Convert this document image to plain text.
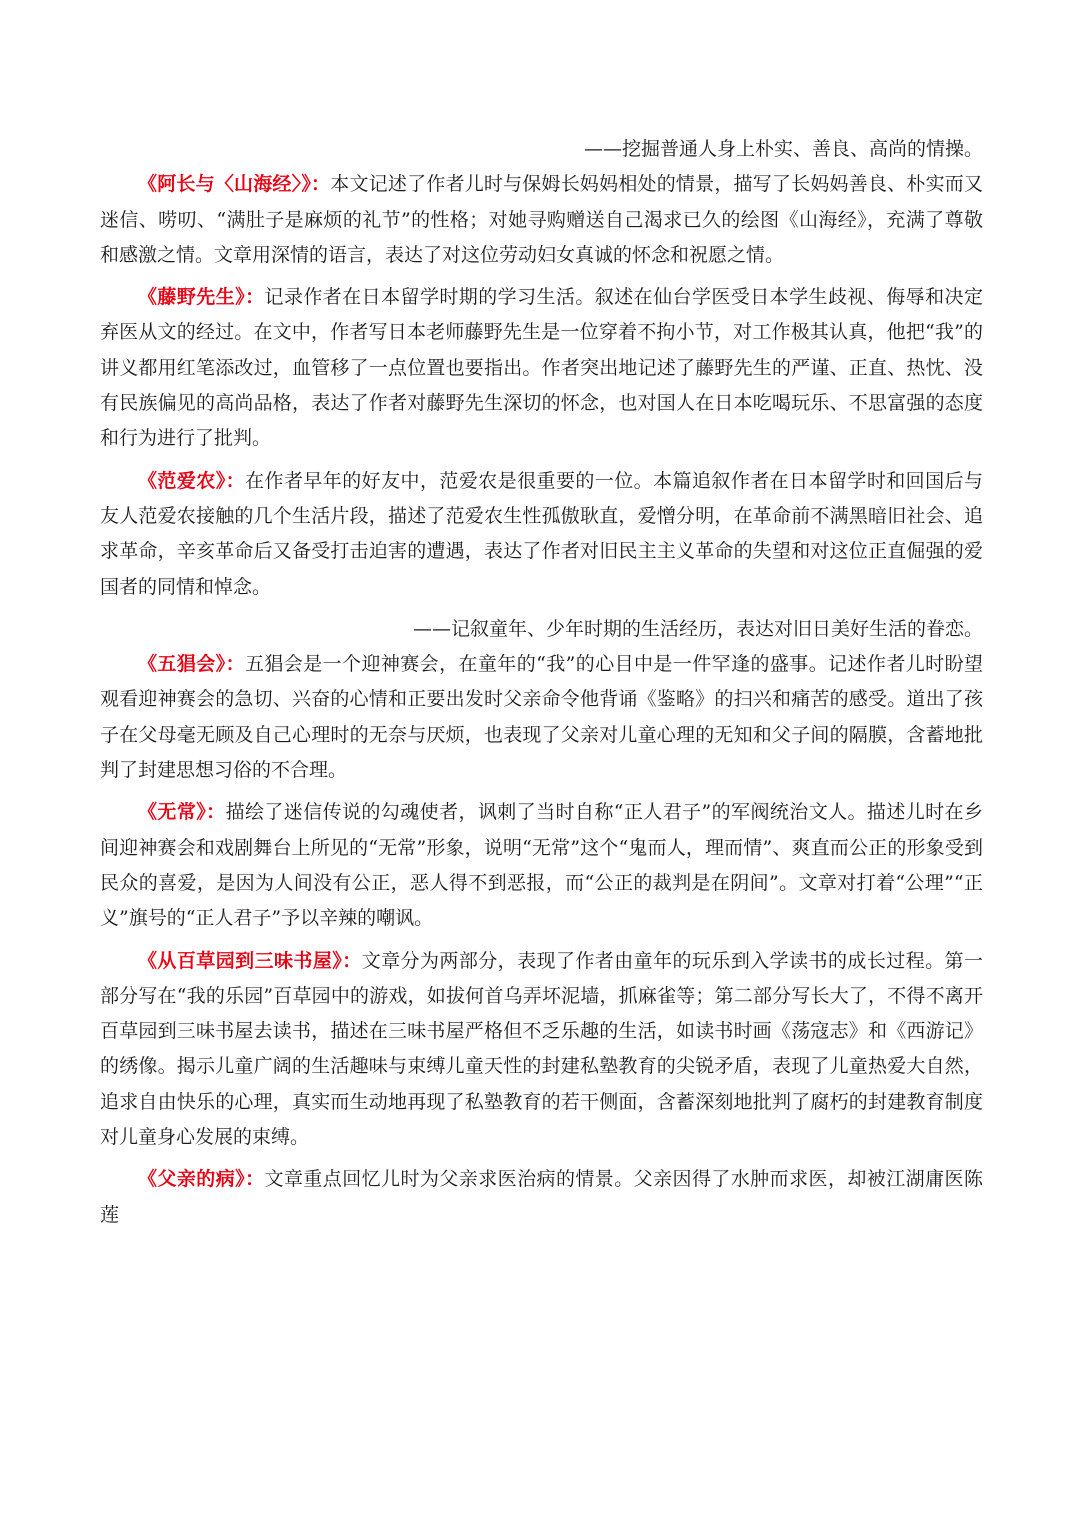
——挖掘普通人身上朴实、善良、高尚的情操。

《阿长与〈山海经〉》：本文记述了作者儿时与保姆长妈妈相处的情景，描写了长妈妈善良、朴实而又迷信、唠叨、“满肚子是麻烦的礼节”的性格；对她寻购赠送自己渴求已久的绘图《山海经》，充满了尊敬和感激之情。文章用深情的语言，表达了对这位劳动妇女真诚的怀念和祝愿之情。

《藤野先生》：记录作者在日本留学时期的学习生活。叙述在仙台学医受日本学生歧视、侮辱和决定弃医从文的经过。在文中，作者写日本老师藤野先生是一位穿着不拘小节，对工作极其认真，他把“我”的讲义都用红笔添改过，血管移了一点位置也要指出。作者突出地记述了藤野先生的严谨、正直、热忱、没有民族偏见的高尚品格，表达了作者对藤野先生深切的怀念，也对国人在日本吃喝玩乐、不思富强的态度和行为进行了批判。

《范爱农》：在作者早年的好友中，范爱农是很重要的一位。本篇追叙作者在日本留学时和回国后与友人范爱农接触的几个生活片段，描述了范爱农生性孤傲耿直，爱憎分明，在革命前不满黑暗旧社会、追求革命，辛亥革命后又备受打击迫害的遭遇，表达了作者对旧民主主义革命的失望和对这位正直倔强的爱国者的同情和悼念。

——记叙童年、少年时期的生活经历，表达对旧日美好生活的眷恋。

《五猖会》：五猖会是一个迎神赛会，在童年的“我”的心目中是一件罕逢的盛事。记述作者儿时盼望观看迎神赛会的急切、兴奋的心情和正要出发时父亲命令他背诵《鉴略》的扫兴和痛苦的感受。道出了孩子在父母毫无顾及自己心理时的无奈与厌烦，也表现了父亲对儿童心理的无知和父子间的隔膜，含蓄地批判了封建思想习俗的不合理。

《无常》：描绘了迷信传说的勾魂使者，讽刺了当时自称“正人君子”的军阀统治文人。描述儿时在乡间迎神赛会和戏剧舞台上所见的“无常”形象，说明“无常”这个“鬼而人，理而情”、爽直而公正的形象受到民众的喜爱，是因为人间没有公正，恶人得不到恶报，而“公正的裁判是在阴间”。文章对打着“公理”“正义”旗号的“正人君子”予以辛辣的嘲讽。

《从百草园到三味书屋》：文章分为两部分，表现了作者由童年的玩乐到入学读书的成长过程。第一部分写在“我的乐园”百草园中的游戏，如拔何首乌弄坏泥墙，抓麻雀等；第二部分写长大了，不得不离开百草园到三味书屋去读书，描述在三味书屋严格但不乏乐趣的生活，如读书时画《荡寇志》和《西游记》的绣像。揭示儿童广阔的生活趣味与束缚儿童天性的封建私塾教育的尖锐矛盾，表现了儿童热爱大自然，追求自由快乐的心理，真实而生动地再现了私塾教育的若干侧面，含蓄深刻地批判了腐朽的封建教育制度对儿童身心发展的束缚。

《父亲的病》：文章重点回忆儿时为父亲求医治病的情景。父亲因得了水肿而求医，却被江湖庸医陈莲
